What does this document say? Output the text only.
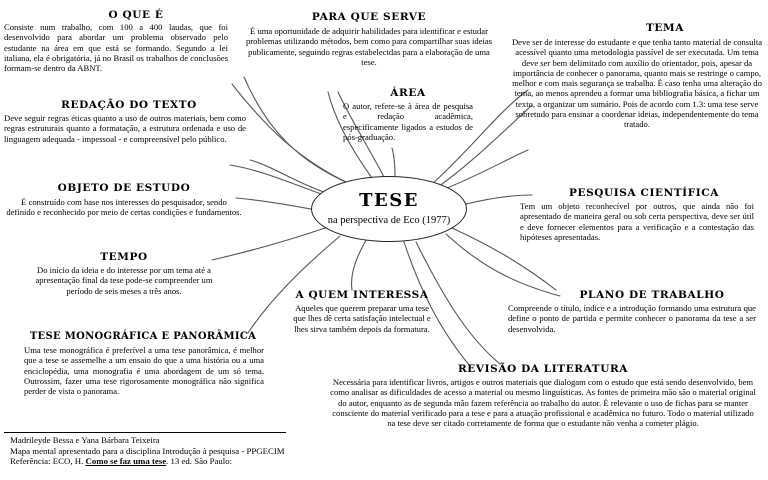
TESE
na perspectiva de Eco (1977)
O QUE É
Consiste num trabalho, com 100 a 400 laudas, que foi desenvolvido para abordar um problema observado pelo estudante na área em que está se formando. Segundo a lei italiana, ela é obrigatória, já no Brasil os trabalhos de conclusões formam-se dentro da ABNT.
PARA QUE SERVE
É uma oportunidade de adquirir habilidades para identificar e estudar problemas utilizando métodos, bem como para compartilhar suas ideias publicamente, seguindo regras estabelecidas para a elaboração de uma tese.
TEMA
Deve ser de interesse do estudante e que tenha tanto material de consulta acessível quanto uma metodologia passível de ser executada. Um tema deve ser bem delimitado com auxílio do orientador, pois, apesar da importância de conhecer o panorama, quanto mais se restringe o campo, melhor e com mais segurança se trabalha. É caso tenha uma alteração do tema, ao menos aprendeu a formar uma bibliografia básica, a fichar um texto, a organizar um sumário. Pois de acordo com 1.3: uma tese serve sobretudo para ensinar a coordenar ideias, independentemente do tema tratado.
ÁREA
O autor, refere-se à área de pesquisa e redação acadêmica, especificamente ligados a estudos de pós-graduação.
REDAÇÃO DO TEXTO
Deve seguir regras éticas quanto a uso de outros materiais, bem como regras estruturais quanto a formatação, a estrutura ordenada e uso de linguagem adequada - impessoal - e compreensível pelo público.
OBJETO DE ESTUDO
É construído com base nos interesses do pesquisador, sendo definido e reconhecido por meio de certas condições e fundamentos.
PESQUISA CIENTÍFICA
Tem um objeto reconhecível por outros, que ainda não foi apresentado de maneira geral ou sob certa perspectiva, deve ser útil e deve fornecer elementos para a verificação e a contestação das hipóteses apresentadas.
TEMPO
Do início da ideia e do interesse por um tema até a apresentação final da tese pode-se compreender um período de seis meses a três anos.	A QUEM INTERESSA
Aqueles que querem preparar uma tese que lhes dê certa satisfação intelectual e lhes sirva também depois da formatura.
PLANO DE TRABALHO
Compreende o título, índice e a introdução formando uma estrutura que define o ponto de partida e permite conhecer o panorama da tese a ser desenvolvida.
TESE MONOGRÁFICA E PANORÂMICA
Uma tese monográfica é preferível a uma tese panorâmica, é melhor que a tese se assemelhe a um ensaio do que a uma história ou a uma enciclopédia, uma monografia é uma abordagem de um só tema. Outrossim, fazer uma tese rigorosamente monográfica não significa perder de vista o panorama.
REVISÃO DA LITERATURA
Necessária para identificar livros, artigos e outros materiais que dialogam com o estudo que está sendo desenvolvido, bem como analisar as dificuldades de acesso a material ou mesmo linguísticas. As fontes de primeira mão são o material original do autor, enquanto as de segunda mão fazem referência ao trabalho do autor. É relevante o uso de fichas para se manter consciente do material verificado para a tese e para a atuação profissional e acadêmica no futuro. Todo o material utilizado na tese deve ser citado corretamente de forma que o estudante não venha a cometer plágio.
Madrileyde Bessa e Yana Bárbara Teixeira
Mapa mental apresentado para a disciplina Introdução à pesquisa - PPGECIM
Referência: ECO, H. Como se faz uma tese. 13 ed. São Paulo:
